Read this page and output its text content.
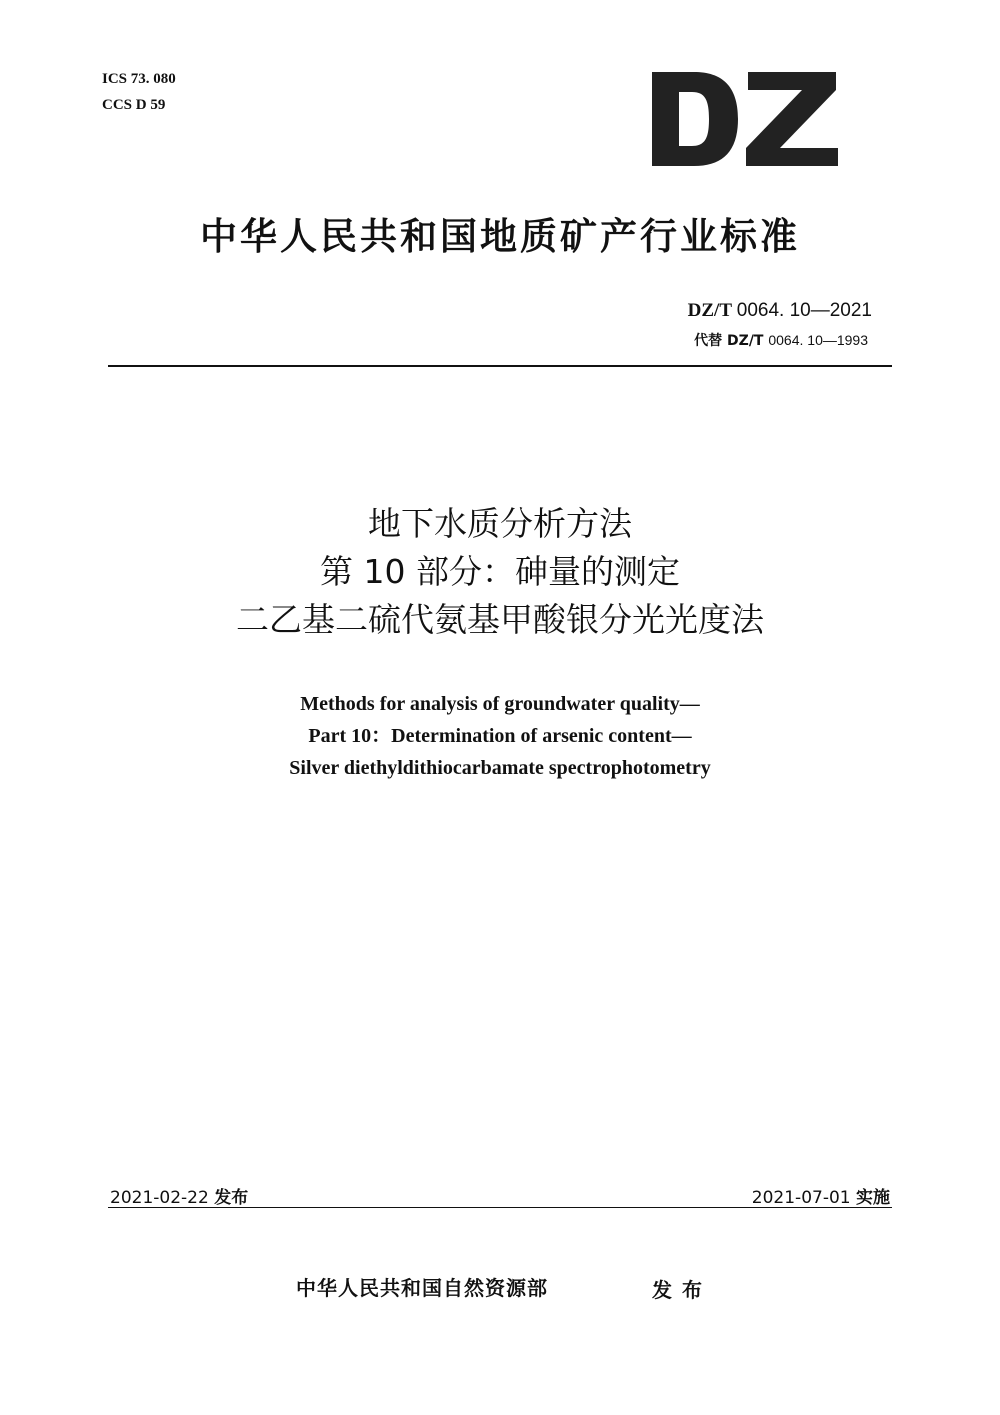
ICS 73. 080
CCS D 59
中华人民共和国地质矿产行业标准
DZ/T 0064. 10—2021
代替 DZ/T 0064. 10—1993
地下水质分析方法
第 10 部分：砷量的测定
二乙基二硫代氨基甲酸银分光光度法
Methods for analysis of groundwater quality—
Part 10：Determination of arsenic content—
Silver diethyldithiocarbamate spectrophotometry
2021-02-22 发布	2021-07-01 实施
中华人民共和国自然资源部	发布
